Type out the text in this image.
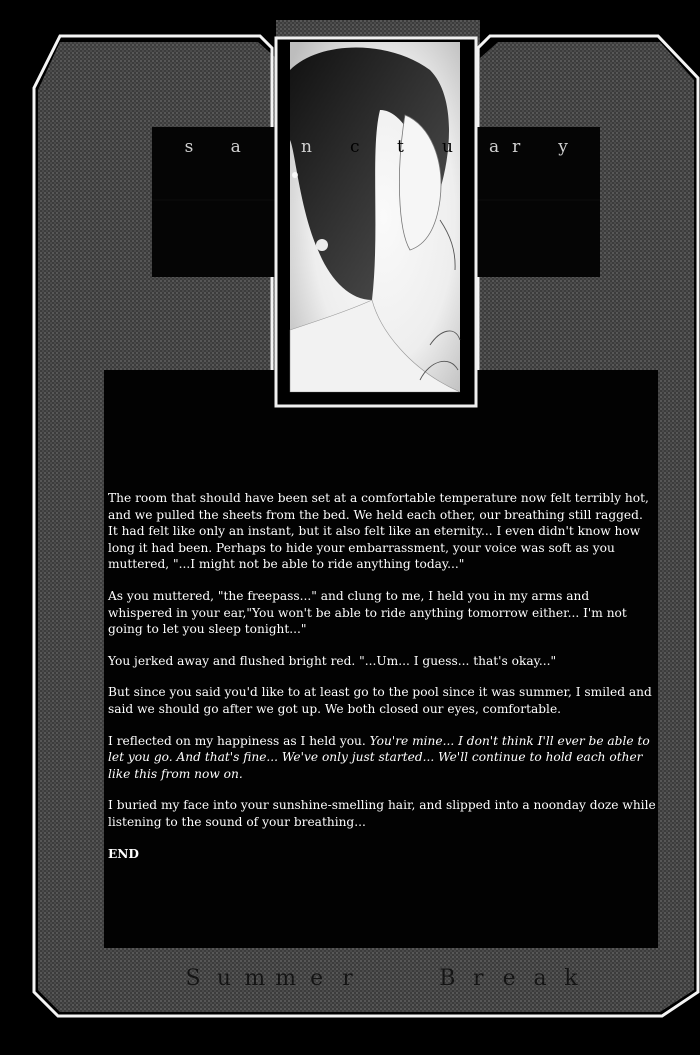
s a	r y
n c t u a

The room that should have been set at a comfortable temperature now felt terribly hot, and we pulled the sheets from the bed. We held each other, our breathing still ragged. It had felt like only an instant, but it also felt like an eternity... I even didn't know how long it had been. Perhaps to hide your embarrassment, your voice was soft as you muttered, "...I might not be able to ride anything today..."

As you muttered, "the freepass..." and clung to me, I held you in my arms and whispered in your ear,"You won't be able to ride anything tomorrow either... I'm not going to let you sleep tonight..."

You jerked away and flushed bright red. "...Um... I guess... that's okay..."

But since you said you'd like to at least go to the pool since it was summer, I smiled and said we should go after we got up. We both closed our eyes, comfortable.

I reflected on my happiness as I held you. You're mine... I don't think I'll ever be able to let you go. And that's fine... We've only just started... We'll continue to hold each other like this from now on.

I buried my face into your sunshine-smelling hair, and slipped into a noonday doze while listening to the sound of your breathing...

END

S u m m e r	B r e a k
